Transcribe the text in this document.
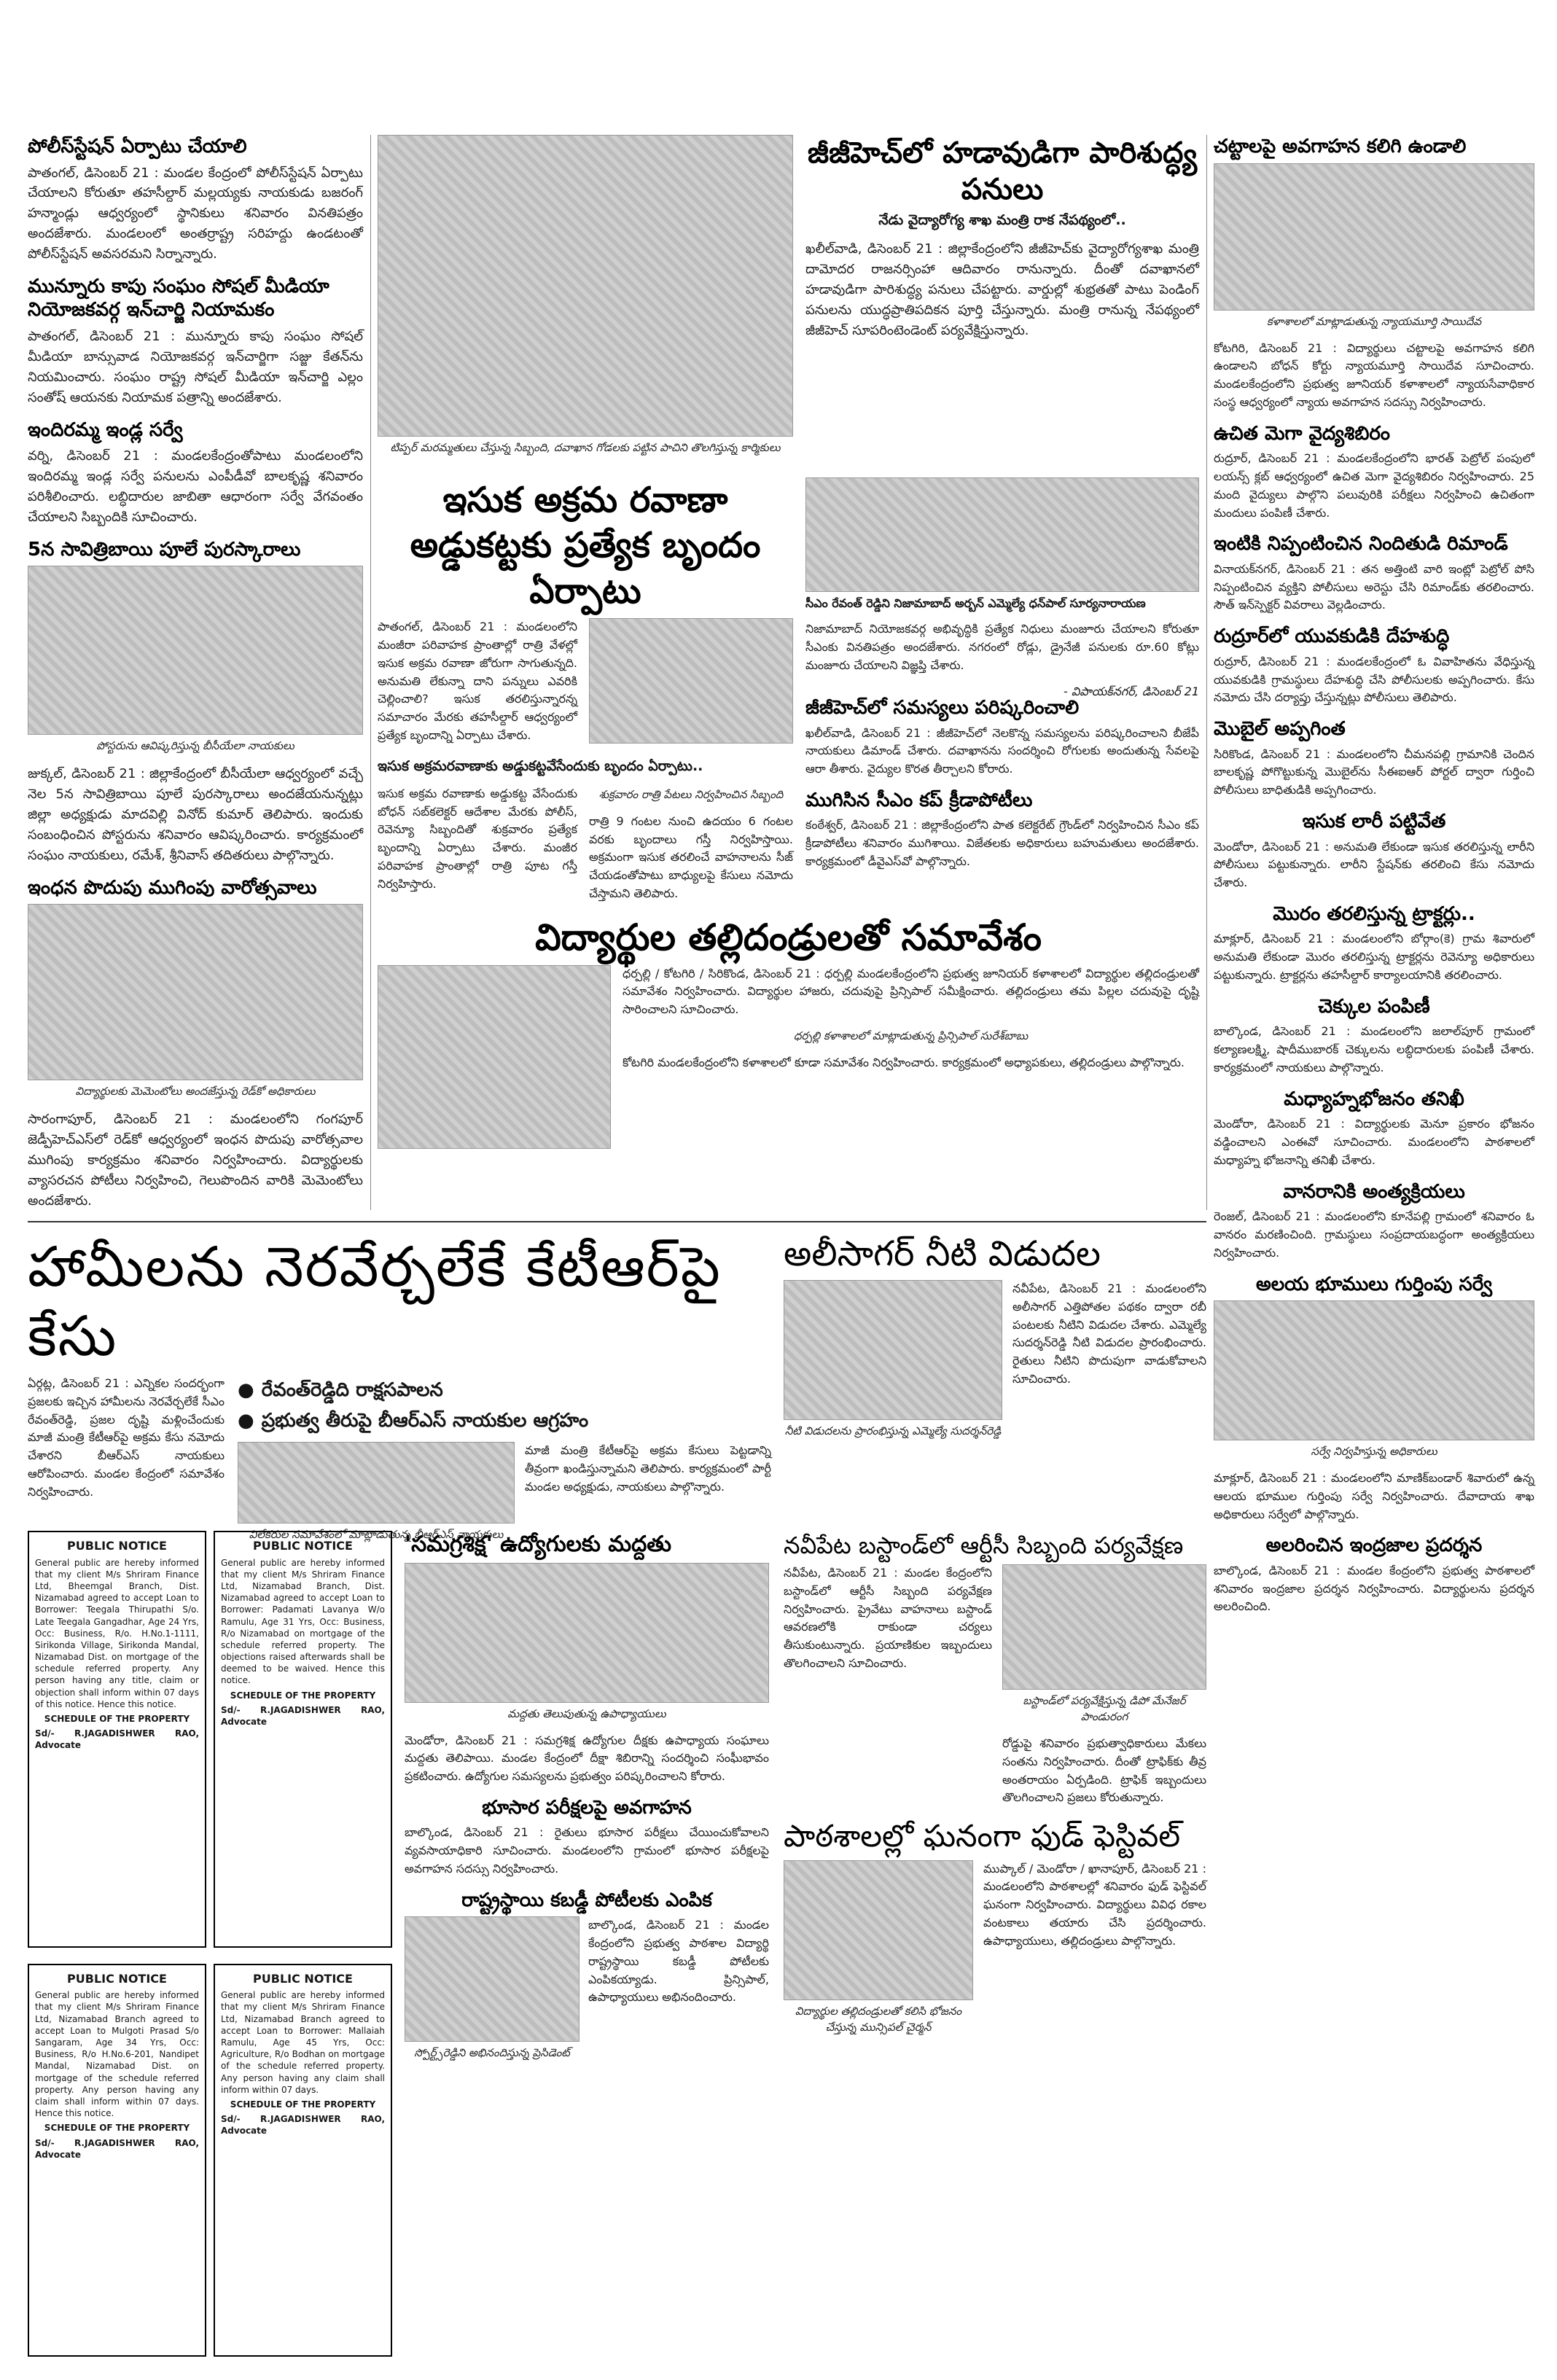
పోలీస్‌స్టేషన్ ఏర్పాటు చేయాలి

పాతంగల్, డిసెంబర్ 21 : మండల కేంద్రంలో పోలీస్‌స్టేషన్ ఏర్పాటు చేయాలని కోరుతూ తహసీల్దార్ మల్లయ్యకు నాయకుడు బజరంగ్ హన్మాండ్లు ఆధ్వర్యంలో స్థానికులు శనివారం వినతిపత్రం అందజేశారు. మండలంలో అంతర్రాష్ట్ర సరిహద్దు ఉండటంతో పోలీస్‌స్టేషన్ అవసరమని సిర్నాన్నారు.

మున్నూరు కాపు సంఘం సోషల్ మీడియా నియోజకవర్గ ఇన్‌చార్జి నియామకం

పాతంగల్, డిసెంబర్ 21 : మున్నూరు కాపు సంఘం సోషల్ మీడియా బాన్సువాడ నియోజకవర్గ ఇన్‌చార్జిగా సజ్జు కేతన్‌ను నియమించారు. సంఘం రాష్ట్ర సోషల్ మీడియా ఇన్‌చార్జి ఎల్లం సంతోష్ ఆయనకు నియామక పత్రాన్ని అందజేశారు.

ఇందిరమ్మ ఇండ్ల సర్వే

వర్ని, డిసెంబర్ 21 : మండలకేంద్రంతోపాటు మండలంలోని ఇందిరమ్మ ఇండ్ల సర్వే పనులను ఎంపీడీవో బాలకృష్ణ శనివారం పరిశీలించారు. లబ్ధిదారుల జాబితా ఆధారంగా సర్వే వేగవంతం చేయాలని సిబ్బందికి సూచించారు.

5న సావిత్రిబాయి పూలే పురస్కారాలు
పోస్టరును ఆవిష్కరిస్తున్న బీసీయేలా నాయకులు

జుక్కల్, డిసెంబర్ 21 : జిల్లాకేంద్రంలో బీసీయేలా ఆధ్వర్యంలో వచ్చే నెల 5న సావిత్రిబాయి పూలే పురస్కారాలు అందజేయనున్నట్లు జిల్లా అధ్యక్షుడు మాదవిల్లి వినోద్ కుమార్ తెలిపారు. ఇందుకు సంబంధించిన పోస్టరును శనివారం ఆవిష్కరించారు. కార్యక్రమంలో సంఘం నాయకులు, రమేశ్, శ్రీనివాస్ తదితరులు పాల్గొన్నారు.

ఇంధన పొదుపు ముగింపు వారోత్సవాలు
విద్యార్థులకు మెమెంటోలు అందజేస్తున్న రెడ్‌కో అధికారులు

సారంగాపూర్, డిసెంబర్ 21 : మండలంలోని గంగపూర్ జెడ్పీహెచ్ఎస్‌లో రెడ్‌కో ఆధ్వర్యంలో ఇంధన పొదుపు వారోత్సవాల ముగింపు కార్యక్రమం శనివారం నిర్వహించారు. విద్యార్థులకు వ్యాసరచన పోటీలు నిర్వహించి, గెలుపొందిన వారికి మెమెంటోలు అందజేశారు.

టిప్పర్ మరమ్మతులు చేస్తున్న సిబ్బంది, దవాఖాన గోడలకు పట్టిన పాచిని తొలగిస్తున్న కార్మికులు
జీజీహెచ్‌లో హడావుడిగా పారిశుద్ధ్య పనులు
నేడు వైద్యారోగ్య శాఖ మంత్రి రాక నేపథ్యంలో..

ఖలీల్‌వాడి, డిసెంబర్ 21 : జిల్లాకేంద్రంలోని జీజీహెచ్‌కు వైద్యారోగ్యశాఖ మంత్రి దామోదర రాజనర్సింహా ఆదివారం రానున్నారు. దీంతో దవాఖానలో హడావుడిగా పారిశుద్ధ్య పనులు చేపట్టారు. వార్డుల్లో శుభ్రతతో పాటు పెండింగ్ పనులను యుద్ధప్రాతిపదికన పూర్తి చేస్తున్నారు. మంత్రి రానున్న నేపథ్యంలో జీజీహెచ్ సూపరింటెండెంట్ పర్యవేక్షిస్తున్నారు.

ఇసుక అక్రమ రవాణా అడ్డుకట్టకు ప్రత్యేక బృందం ఏర్పాటు

పాతంగల్, డిసెంబర్ 21 : మండలంలోని మంజీరా పరివాహక ప్రాంతాల్లో రాత్రి వేళల్లో ఇసుక అక్రమ రవాణా జోరుగా సాగుతున్నది. అనుమతి లేకున్నా దాని పన్నులు ఎవరికి చెల్లించాలి? ఇసుక తరలిస్తున్నారన్న సమాచారం మేరకు తహసీల్దార్ ఆధ్వర్యంలో ప్రత్యేక బృందాన్ని ఏర్పాటు చేశారు.

ఇసుక అక్రమరవాణాకు అడ్డుకట్టవేసేందుకు బృందం ఏర్పాటు..

ఇసుక అక్రమ రవాణాకు అడ్డుకట్ట వేసేందుకు బోధన్ సబ్‌కలెక్టర్ ఆదేశాల మేరకు పోలీస్, రెవెన్యూ సిబ్బందితో శుక్రవారం ప్రత్యేక బృందాన్ని ఏర్పాటు చేశారు. మంజీర పరివాహక ప్రాంతాల్లో రాత్రి పూట గస్తీ నిర్వహిస్తారు.

శుక్రవారం రాత్రి పేటలు నిర్వహించిన సిబ్బంది

రాత్రి 9 గంటల నుంచి ఉదయం 6 గంటల వరకు బృందాలు గస్తీ నిర్వహిస్తాయి. అక్రమంగా ఇసుక తరలించే వాహనాలను సీజ్ చేయడంతోపాటు బాధ్యులపై కేసులు నమోదు చేస్తామని తెలిపారు.

సీఎం రేవంత్ రెడ్డిని నిజామాబాద్ అర్బన్ ఎమ్మెల్యే ధన్‌పాల్ సూర్యనారాయణ

నిజామాబాద్ నియోజకవర్గ అభివృద్ధికి ప్రత్యేక నిధులు మంజూరు చేయాలని కోరుతూ సీఎంకు వినతిపత్రం అందజేశారు. నగరంలో రోడ్లు, డ్రైనేజీ పనులకు రూ.60 కోట్లు మంజూరు చేయాలని విజ్ఞప్తి చేశారు.

- విపాయక్‌నగర్, డిసెంబర్ 21
జీజీహెచ్‌లో సమస్యలు పరిష్కరించాలి

ఖలీల్‌వాడి, డిసెంబర్ 21 : జీజీహెచ్‌లో నెలకొన్న సమస్యలను పరిష్కరించాలని బీజేపీ నాయకులు డిమాండ్ చేశారు. దవాఖానను సందర్శించి రోగులకు అందుతున్న సేవలపై ఆరా తీశారు. వైద్యుల కొరత తీర్చాలని కోరారు.

ముగిసిన సీఎం కప్ క్రీడాపోటీలు

కంఠేశ్వర్, డిసెంబర్ 21 : జిల్లాకేంద్రంలోని పాత కలెక్టరేట్ గ్రౌండ్‌లో నిర్వహించిన సీఎం కప్ క్రీడాపోటీలు శనివారం ముగిశాయి. విజేతలకు అధికారులు బహుమతులు అందజేశారు. కార్యక్రమంలో డీవైఎస్‌వో పాల్గొన్నారు.

విద్యార్థుల తల్లిదండ్రులతో సమావేశం

ధర్పల్లి / కోటగిరి / సిరికొండ, డిసెంబర్ 21 : ధర్పల్లి మండలకేంద్రంలోని ప్రభుత్వ జూనియర్ కళాశాలలో విద్యార్థుల తల్లిదండ్రులతో సమావేశం నిర్వహించారు. విద్యార్థుల హాజరు, చదువుపై ప్రిన్సిపాల్ సమీక్షించారు. తల్లిదండ్రులు తమ పిల్లల చదువుపై దృష్టి సారించాలని సూచించారు.

ధర్పల్లి కళాశాలలో మాట్లాడుతున్న ప్రిన్సిపాల్ సురేశ్‌బాబు

కోటగిరి మండలకేంద్రంలోని కళాశాలలో కూడా సమావేశం నిర్వహించారు. కార్యక్రమంలో అధ్యాపకులు, తల్లిదండ్రులు పాల్గొన్నారు.

చట్టాలపై అవగాహన కలిగి ఉండాలి
కళాశాలలో మాట్లాడుతున్న న్యాయమూర్తి సాయిదేవ

కోటగిరి, డిసెంబర్ 21 : విద్యార్థులు చట్టాలపై అవగాహన కలిగి ఉండాలని బోధన్ కోర్టు న్యాయమూర్తి సాయిదేవ సూచించారు. మండలకేంద్రంలోని ప్రభుత్వ జూనియర్ కళాశాలలో న్యాయసేవాధికార సంస్థ ఆధ్వర్యంలో న్యాయ అవగాహన సదస్సు నిర్వహించారు.

ఉచిత మెగా వైద్యశిబిరం

రుద్రూర్, డిసెంబర్ 21 : మండలకేంద్రంలోని భారత్ పెట్రోల్ పంపులో లయన్స్ క్లబ్ ఆధ్వర్యంలో ఉచిత మెగా వైద్యశిబిరం నిర్వహించారు. 25 మంది వైద్యులు పాల్గొని పలువురికి పరీక్షలు నిర్వహించి ఉచితంగా మందులు పంపిణీ చేశారు.

ఇంటికి నిప్పంటించిన నిందితుడి రిమాండ్

వినాయక్‌నగర్, డిసెంబర్ 21 : తన అత్తింటి వారి ఇంట్లో పెట్రోల్ పోసి నిప్పంటించిన వ్యక్తిని పోలీసులు అరెస్టు చేసి రిమాండ్‌కు తరలించారు. సౌత్ ఇన్‌స్పెక్టర్ వివరాలు వెల్లడించారు.

రుద్రూర్‌లో యువకుడికి దేహశుద్ధి

రుద్రూర్, డిసెంబర్ 21 : మండలకేంద్రంలో ఓ వివాహితను వేధిస్తున్న యువకుడికి గ్రామస్థులు దేహశుద్ధి చేసి పోలీసులకు అప్పగించారు. కేసు నమోదు చేసి దర్యాప్తు చేస్తున్నట్లు పోలీసులు తెలిపారు.

మొబైల్ అప్పగింత

సిరికొండ, డిసెంబర్ 21 : మండలంలోని చీమనపల్లి గ్రామానికి చెందిన బాలకృష్ణ పోగొట్టుకున్న మొబైల్‌ను సీఈఐఆర్ పోర్టల్ ద్వారా గుర్తించి పోలీసులు బాధితుడికి అప్పగించారు.

ఇసుక లారీ పట్టివేత

మెండోరా, డిసెంబర్ 21 : అనుమతి లేకుండా ఇసుక తరలిస్తున్న లారీని పోలీసులు పట్టుకున్నారు. లారీని స్టేషన్‌కు తరలించి కేసు నమోదు చేశారు.

మొరం తరలిస్తున్న ట్రాక్టర్లు..

మాక్లూర్, డిసెంబర్ 21 : మండలంలోని బోర్గాం(కె) గ్రామ శివారులో అనుమతి లేకుండా మొరం తరలిస్తున్న ట్రాక్టర్లను రెవెన్యూ అధికారులు పట్టుకున్నారు. ట్రాక్టర్లను తహసీల్దార్ కార్యాలయానికి తరలించారు.

చెక్కుల పంపిణీ

బాల్కొండ, డిసెంబర్ 21 : మండలంలోని జలాల్‌పూర్ గ్రామంలో కల్యాణలక్ష్మి, షాదీముబారక్ చెక్కులను లబ్ధిదారులకు పంపిణీ చేశారు. కార్యక్రమంలో నాయకులు పాల్గొన్నారు.

మధ్యాహ్నభోజనం తనిఖీ

మెండోరా, డిసెంబర్ 21 : విద్యార్థులకు మెనూ ప్రకారం భోజనం వడ్డించాలని ఎంఈవో సూచించారు. మండలంలోని పాఠశాలలో మధ్యాహ్న భోజనాన్ని తనిఖీ చేశారు.

వానరానికి అంత్యక్రియలు

రెంజల్, డిసెంబర్ 21 : మండలంలోని కూనేపల్లి గ్రామంలో శనివారం ఓ వానరం మరణించింది. గ్రామస్థులు సంప్రదాయబద్ధంగా అంత్యక్రియలు నిర్వహించారు.

అలయ భూములు గుర్తింపు సర్వే
సర్వే నిర్వహిస్తున్న అధికారులు

మాక్లూర్, డిసెంబర్ 21 : మండలంలోని మాణిక్‌బండార్ శివారులో ఉన్న ఆలయ భూముల గుర్తింపు సర్వే నిర్వహించారు. దేవాదాయ శాఖ అధికారులు సర్వేలో పాల్గొన్నారు.

అలరించిన ఇంద్రజాల ప్రదర్శన

బాల్కొండ, డిసెంబర్ 21 : మండల కేంద్రంలోని ప్రభుత్వ పాఠశాలలో శనివారం ఇంద్రజాల ప్రదర్శన నిర్వహించారు. విద్యార్థులను ప్రదర్శన అలరించింది.

హామీలను నెరవేర్చలేకే కేటీఆర్‌పై కేసు

ఏర్గట్ల, డిసెంబర్ 21 : ఎన్నికల సందర్భంగా ప్రజలకు ఇచ్చిన హామీలను నెరవేర్చలేకే సీఎం రేవంత్‌రెడ్డి, ప్రజల దృష్టి మళ్లించేందుకు మాజీ మంత్రి కేటీఆర్‌పై అక్రమ కేసు నమోదు చేశారని బీఆర్‌ఎస్ నాయకులు ఆరోపించారు. మండల కేంద్రంలో సమావేశం నిర్వహించారు.

● రేవంత్‌రెడ్డిది రాక్షసపాలన
● ప్రభుత్వ తీరుపై బీఆర్‌ఎస్ నాయకుల ఆగ్రహం
విలేకరుల సమావేశంలో మాట్లాడుతున్న బీఆర్‌ఎస్ నాయకులు

మాజీ మంత్రి కేటీఆర్‌పై అక్రమ కేసులు పెట్టడాన్ని తీవ్రంగా ఖండిస్తున్నామని తెలిపారు. కార్యక్రమంలో పార్టీ మండల అధ్యక్షుడు, నాయకులు పాల్గొన్నారు.

అలీసాగర్ నీటి విడుదల
నీటి విడుదలను ప్రారంభిస్తున్న ఎమ్మెల్యే సుదర్శన్‌రెడ్డి

నవీపేట, డిసెంబర్ 21 : మండలంలోని అలీసాగర్ ఎత్తిపోతల పథకం ద్వారా రబీ పంటలకు నీటిని విడుదల చేశారు. ఎమ్మెల్యే సుదర్శన్‌రెడ్డి నీటి విడుదల ప్రారంభించారు. రైతులు నీటిని పొదుపుగా వాడుకోవాలని సూచించారు.

PUBLIC NOTICE
General public are hereby informed that my client M/s Shriram Finance Ltd, Bheemgal Branch, Dist. Nizamabad agreed to accept Loan to Borrower: Teegala Thirupathi S/o. Late Teegala Gangadhar, Age 24 Yrs, Occ: Business, R/o. H.No.1-1111, Sirikonda Village, Sirikonda Mandal, Nizamabad Dist. on mortgage of the schedule referred property. Any person having any title, claim or objection shall inform within 07 days of this notice. Hence this notice.
SCHEDULE OF THE PROPERTY
Sd/- R.JAGADISHWER RAO, Advocate
PUBLIC NOTICE
General public are hereby informed that my client M/s Shriram Finance Ltd, Nizamabad Branch, Dist. Nizamabad agreed to accept Loan to Borrower: Padamati Lavanya W/o Ramulu, Age 31 Yrs, Occ: Business, R/o Nizamabad on mortgage of the schedule referred property. The objections raised afterwards shall be deemed to be waived. Hence this notice.
SCHEDULE OF THE PROPERTY
Sd/- R.JAGADISHWER RAO, Advocate
PUBLIC NOTICE
General public are hereby informed that my client M/s Shriram Finance Ltd, Nizamabad Branch agreed to accept Loan to Mulgoti Prasad S/o Sangaram, Age 34 Yrs, Occ: Business, R/o H.No.6-201, Nandipet Mandal, Nizamabad Dist. on mortgage of the schedule referred property. Any person having any claim shall inform within 07 days. Hence this notice.
SCHEDULE OF THE PROPERTY
Sd/- R.JAGADISHWER RAO, Advocate
PUBLIC NOTICE
General public are hereby informed that my client M/s Shriram Finance Ltd, Nizamabad Branch agreed to accept Loan to Borrower: Mallaiah Ramulu, Age 45 Yrs, Occ: Agriculture, R/o Bodhan on mortgage of the schedule referred property. Any person having any claim shall inform within 07 days.
SCHEDULE OF THE PROPERTY
Sd/- R.JAGADISHWER RAO, Advocate
'సమగ్రశిక్ష' ఉద్యోగులకు మద్దతు
మద్దతు తెలుపుతున్న ఉపాధ్యాయులు

మెండోరా, డిసెంబర్ 21 : సమగ్రశిక్ష ఉద్యోగుల దీక్షకు ఉపాధ్యాయ సంఘాలు మద్దతు తెలిపాయి. మండల కేంద్రంలో దీక్షా శిబిరాన్ని సందర్శించి సంఘీభావం ప్రకటించారు. ఉద్యోగుల సమస్యలను ప్రభుత్వం పరిష్కరించాలని కోరారు.

భూసార పరీక్షలపై అవగాహన

బాల్కొండ, డిసెంబర్ 21 : రైతులు భూసార పరీక్షలు చేయించుకోవాలని వ్యవసాయాధికారి సూచించారు. మండలంలోని గ్రామంలో భూసార పరీక్షలపై అవగాహన సదస్సు నిర్వహించారు.

రాష్ట్రస్థాయి కబడ్డీ పోటీలకు ఎంపిక
స్పోర్ట్స్‌రెడ్డిని అభినందిస్తున్న ప్రెసిడెంట్

బాల్కొండ, డిసెంబర్ 21 : మండల కేంద్రంలోని ప్రభుత్వ పాఠశాల విద్యార్థి రాష్ట్రస్థాయి కబడ్డీ పోటీలకు ఎంపికయ్యాడు. ప్రిన్సిపాల్, ఉపాధ్యాయులు అభినందించారు.

నవీపేట బస్టాండ్‌లో ఆర్టీసీ సిబ్బంది పర్యవేక్షణ

నవీపేట, డిసెంబర్ 21 : మండల కేంద్రంలోని బస్టాండ్‌లో ఆర్టీసీ సిబ్బంది పర్యవేక్షణ నిర్వహించారు. ప్రైవేటు వాహనాలు బస్టాండ్ ఆవరణలోకి రాకుండా చర్యలు తీసుకుంటున్నారు. ప్రయాణికుల ఇబ్బందులు తొలగించాలని సూచించారు.

బస్టాండ్‌లో పర్యవేక్షిస్తున్న డిపో మేనేజర్ పాండురంగ

రోడ్డుపై శనివారం ప్రభుత్వాధికారులు మేకలు సంతను నిర్వహించారు. దీంతో ట్రాఫిక్‌కు తీవ్ర అంతరాయం ఏర్పడింది. ట్రాఫిక్ ఇబ్బందులు తొలగించాలని ప్రజలు కోరుతున్నారు.

పాఠశాలల్లో ఘనంగా ఫుడ్ ఫెస్టివల్
విద్యార్థుల తల్లిదండ్రులతో కలిసి భోజనం చేస్తున్న మున్సిపల్ చైర్మన్

ముప్కాల్ / మెండోరా / ఖానాపూర్, డిసెంబర్ 21 : మండలంలోని పాఠశాలల్లో శనివారం ఫుడ్ ఫెస్టివల్ ఘనంగా నిర్వహించారు. విద్యార్థులు వివిధ రకాల వంటకాలు తయారు చేసి ప్రదర్శించారు. ఉపాధ్యాయులు, తల్లిదండ్రులు పాల్గొన్నారు.
